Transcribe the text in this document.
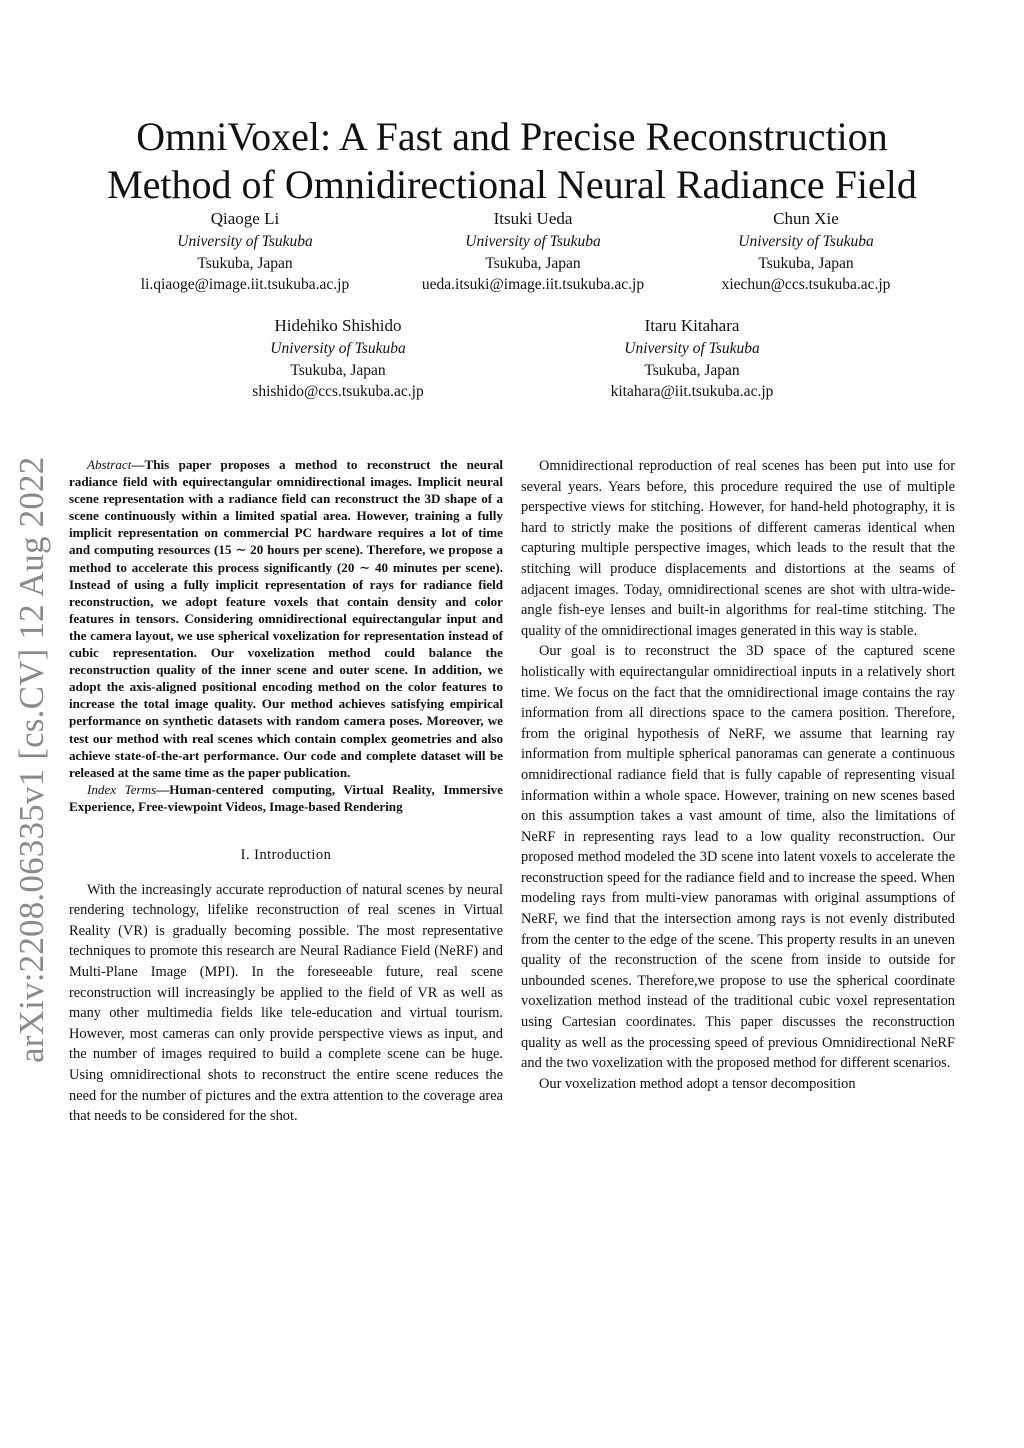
OmniVoxel: A Fast and Precise Reconstruction
Method of Omnidirectional Neural Radiance Field
Qiaoge Li
University of Tsukuba
Tsukuba, Japan
li.qiaoge@image.iit.tsukuba.ac.jp
Itsuki Ueda
University of Tsukuba
Tsukuba, Japan
ueda.itsuki@image.iit.tsukuba.ac.jp
Chun Xie
University of Tsukuba
Tsukuba, Japan
xiechun@ccs.tsukuba.ac.jp
Hidehiko Shishido
University of Tsukuba
Tsukuba, Japan
shishido@ccs.tsukuba.ac.jp
Itaru Kitahara
University of Tsukuba
Tsukuba, Japan
kitahara@iit.tsukuba.ac.jp
arXiv:2208.06335v1 [cs.CV] 12 Aug 2022	Abstract—This paper proposes a method to reconstruct the neural radiance field with equirectangular omnidirectional images. Implicit neural scene representation with a radiance field can reconstruct the 3D shape of a scene continuously within a limited spatial area. However, training a fully implicit representation on commercial PC hardware requires a lot of time and computing resources (15 ∼ 20 hours per scene). Therefore, we propose a method to accelerate this process significantly (20 ∼ 40 minutes per scene). Instead of using a fully implicit representation of rays for radiance field reconstruction, we adopt feature voxels that contain density and color features in tensors. Considering omnidirectional equirectangular input and the camera layout, we use spherical voxelization for representation instead of cubic representation. Our voxelization method could balance the reconstruction quality of the inner scene and outer scene. In addition, we adopt the axis-aligned positional encoding method on the color features to increase the total image quality. Our method achieves satisfying empirical performance on synthetic datasets with random camera poses. Moreover, we test our method with real scenes which contain complex geometries and also achieve state-of-the-art performance. Our code and complete dataset will be released at the same time as the paper publication.

Index Terms—Human-centered computing, Virtual Reality, Immersive Experience, Free-viewpoint Videos, Image-based Rendering

I. Introduction

With the increasingly accurate reproduction of natural scenes by neural rendering technology, lifelike reconstruction of real scenes in Virtual Reality (VR) is gradually becoming possible. The most representative techniques to promote this research are Neural Radiance Field (NeRF) and Multi-Plane Image (MPI). In the foreseeable future, real scene reconstruction will increasingly be applied to the field of VR as well as many other multimedia fields like tele-education and virtual tourism. However, most cameras can only provide perspective views as input, and the number of images required to build a complete scene can be huge. Using omnidirectional shots to reconstruct the entire scene reduces the need for the number of pictures and the extra attention to the coverage area that needs to be considered for the shot.

Omnidirectional reproduction of real scenes has been put into use for several years. Years before, this procedure required the use of multiple perspective views for stitching. However, for hand-held photography, it is hard to strictly make the positions of different cameras identical when capturing multiple perspective images, which leads to the result that the stitching will produce displacements and distortions at the seams of adjacent images. Today, omnidirectional scenes are shot with ultra-wide-angle fish-eye lenses and built-in algorithms for real-time stitching. The quality of the omnidirectional images generated in this way is stable.

Our goal is to reconstruct the 3D space of the captured scene holistically with equirectangular omnidirectioal inputs in a relatively short time. We focus on the fact that the omnidirectional image contains the ray information from all directions space to the camera position. Therefore, from the original hypothesis of NeRF, we assume that learning ray information from multiple spherical panoramas can generate a continuous omnidirectional radiance field that is fully capable of representing visual information within a whole space. However, training on new scenes based on this assumption takes a vast amount of time, also the limitations of NeRF in representing rays lead to a low quality reconstruction. Our proposed method modeled the 3D scene into latent voxels to accelerate the reconstruction speed for the radiance field and to increase the speed. When modeling rays from multi-view panoramas with original assumptions of NeRF, we find that the intersection among rays is not evenly distributed from the center to the edge of the scene. This property results in an uneven quality of the reconstruction of the scene from inside to outside for unbounded scenes. Therefore,we propose to use the spherical coordinate voxelization method instead of the traditional cubic voxel representation using Cartesian coordinates. This paper discusses the reconstruction quality as well as the processing speed of previous Omnidirectional NeRF and the two voxelization with the proposed method for different scenarios.

Our voxelization method adopt a tensor decomposition
